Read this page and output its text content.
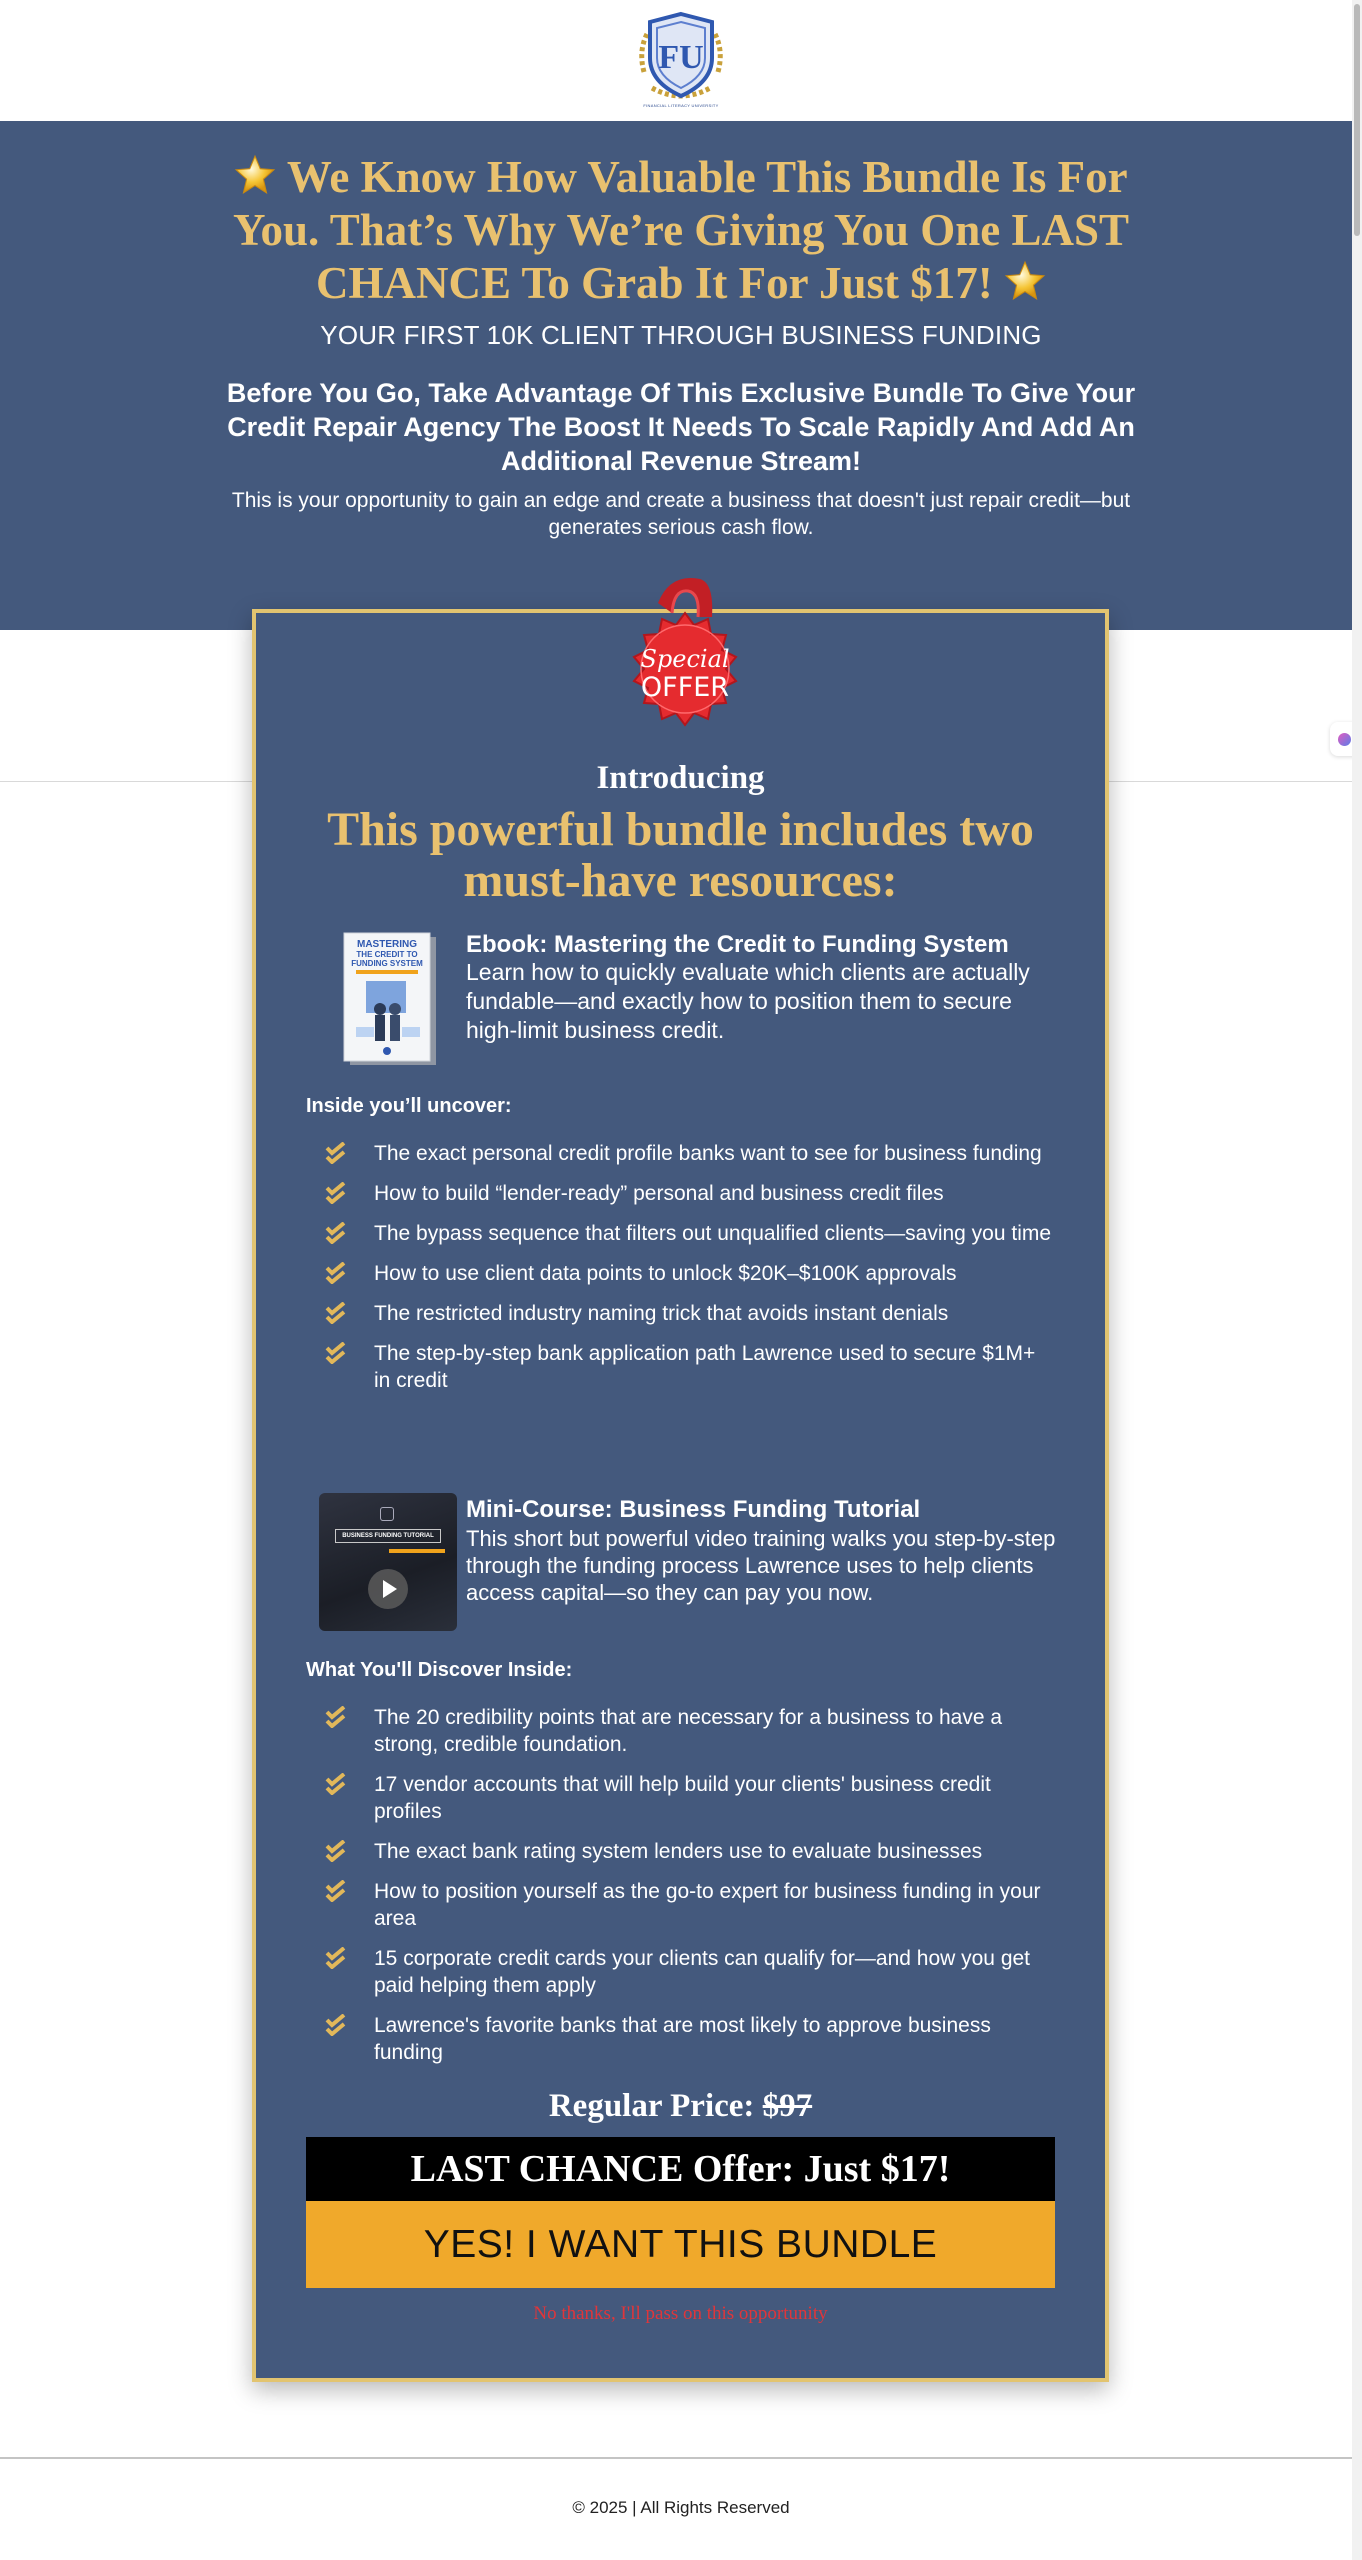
FU
FINANCIAL LITERACY UNIVERSITY
We Know How Valuable This Bundle Is For
You. That’s Why We’re Giving You One LAST
CHANCE To Grab It For Just $17!
YOUR FIRST 10K CLIENT THROUGH BUSINESS FUNDING
Before You Go, Take Advantage Of This Exclusive Bundle To Give Your Credit Repair Agency The Boost It Needs To Scale Rapidly And Add An Additional Revenue Stream!
This is your opportunity to gain an edge and create a business that doesn't just repair credit—but generates serious cash flow.
Special
OFFER
Introducing
This powerful bundle includes two must-have resources:
MASTERING
THE CREDIT TO
FUNDING SYSTEM
Ebook: Mastering the Credit to Funding System
Learn how to quickly evaluate which clients are actually fundable—and exactly how to position them to secure high-limit business credit.
Inside you’ll uncover:
The exact personal credit profile banks want to see for business funding
How to build “lender-ready” personal and business credit files
The bypass sequence that filters out unqualified clients—saving you time
How to use client data points to unlock $20K–$100K approvals
The restricted industry naming trick that avoids instant denials
The step-by-step bank application path Lawrence used to secure $1M+ in credit
BUSINESS FUNDING TUTORIAL
Mini-Course: Business Funding Tutorial
This short but powerful video training walks you step-by-step through the funding process Lawrence uses to help clients access capital—so they can pay you now.
What You'll Discover Inside:
The 20 credibility points that are necessary for a business to have a strong, credible foundation.
17 vendor accounts that will help build your clients' business credit profiles
The exact bank rating system lenders use to evaluate businesses
How to position yourself as the go-to expert for business funding in your area
15 corporate credit cards your clients can qualify for—and how you get paid helping them apply
Lawrence's favorite banks that are most likely to approve business funding
Regular Price: $97
LAST CHANCE Offer: Just $17!
YES! I WANT THIS BUNDLE
No thanks, I'll pass on this opportunity
© 2025 | All Rights Reserved
